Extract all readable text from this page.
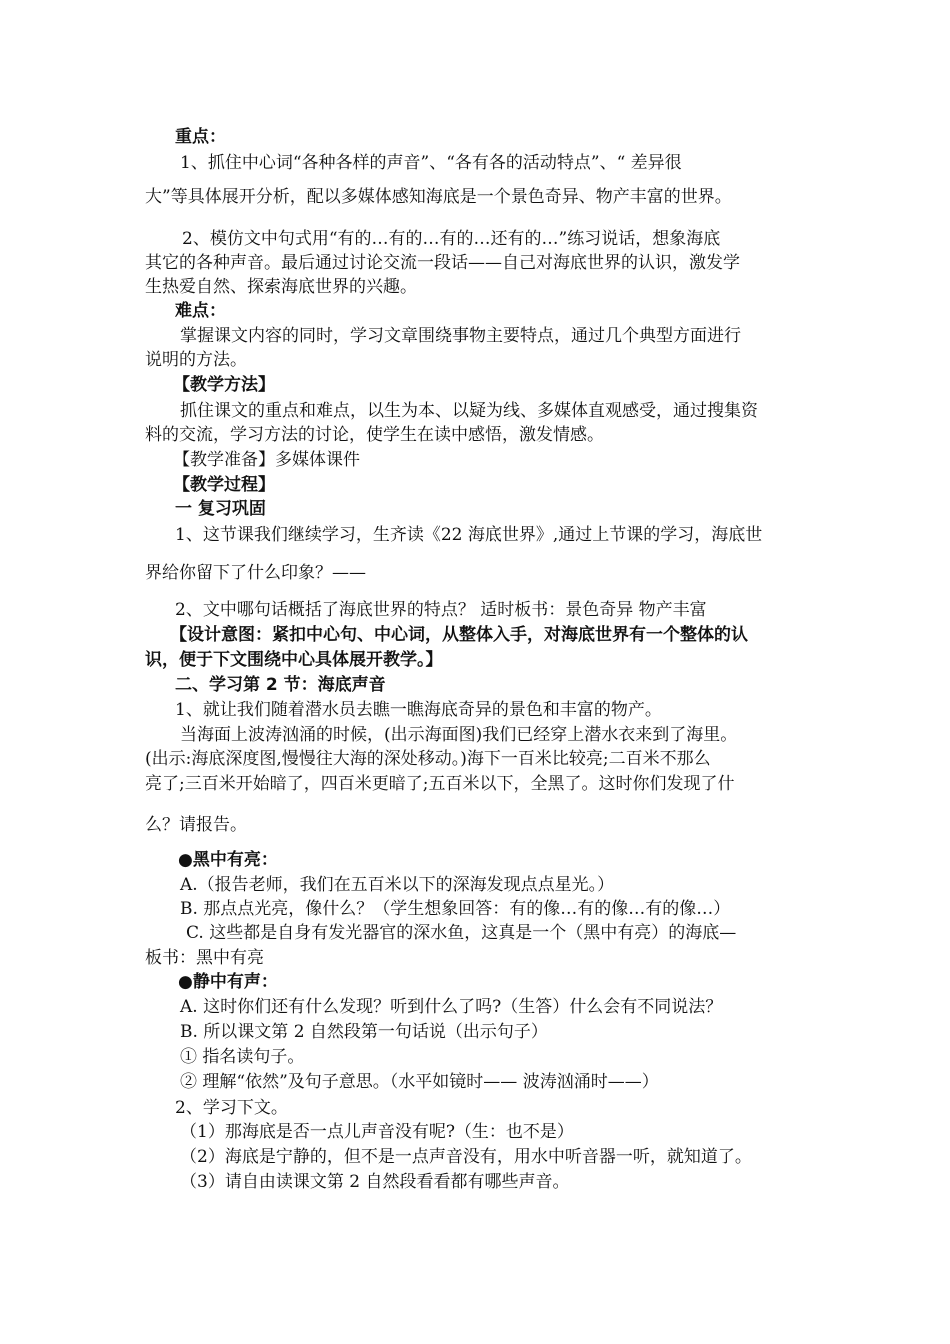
重点：
1、抓住中心词“各种各样的声音”、“各有各的活动特点”、“ 差异很
大”等具体展开分析，配以多媒体感知海底是一个景色奇异、物产丰富的世界。
2、模仿文中句式用“有的…有的…有的…还有的…”练习说话，想象海底
其它的各种声音。最后通过讨论交流一段话——自己对海底世界的认识，激发学
生热爱自然、探索海底世界的兴趣。
难点：
掌握课文内容的同时，学习文章围绕事物主要特点，通过几个典型方面进行
说明的方法。
【教学方法】
抓住课文的重点和难点，以生为本、以疑为线、多媒体直观感受，通过搜集资
料的交流，学习方法的讨论，使学生在读中感悟，激发情感。
【教学准备】多媒体课件
【教学过程】
一 复习巩固
1、这节课我们继续学习，生齐读《22 海底世界》,通过上节课的学习，海底世
界给你留下了什么印象？——
2、文中哪句话概括了海底世界的特点？ 适时板书：景色奇异 物产丰富
【设计意图：紧扣中心句、中心词，从整体入手，对海底世界有一个整体的认
识，便于下文围绕中心具体展开教学。】
二、学习第 2 节：海底声音
1、就让我们随着潜水员去瞧一瞧海底奇异的景色和丰富的物产。
当海面上波涛汹涌的时候，(出示海面图)我们已经穿上潜水衣来到了海里。
(出示:海底深度图,慢慢往大海的深处移动。)海下一百米比较亮;二百米不那么
亮了;三百米开始暗了，四百米更暗了;五百米以下，全黑了。这时你们发现了什
么？请报告。
●黑中有亮：
A.（报告老师，我们在五百米以下的深海发现点点星光。）
B. 那点点光亮，像什么？（学生想象回答：有的像…有的像…有的像…）
C. 这些都是自身有发光器官的深水鱼，这真是一个（黑中有亮）的海底—
板书：黑中有亮
●静中有声：
A. 这时你们还有什么发现？听到什么了吗?（生答）什么会有不同说法？
B. 所以课文第 2 自然段第一句话说（出示句子）
① 指名读句子。
② 理解“依然”及句子意思。（水平如镜时—— 波涛汹涌时——）
2、学习下文。
（1）那海底是否一点儿声音没有呢?（生：也不是）
（2）海底是宁静的，但不是一点声音没有，用水中听音器一听，就知道了。
（3）请自由读课文第 2 自然段看看都有哪些声音。
